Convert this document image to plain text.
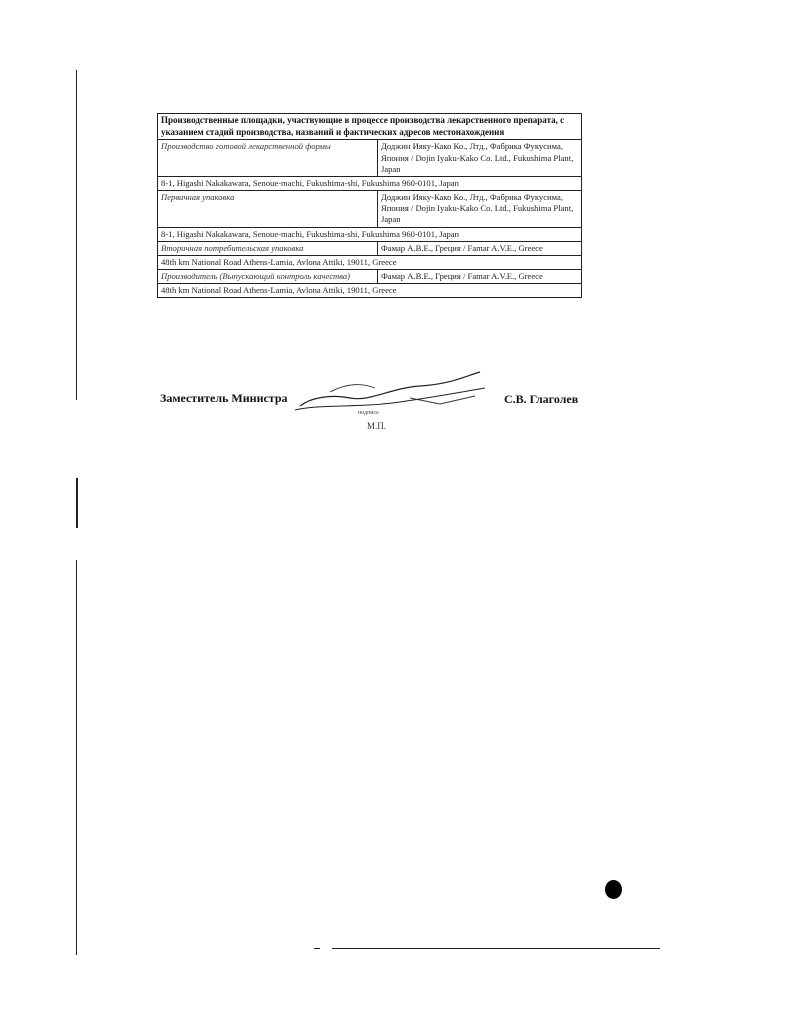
Производственные площадки, участвующие в процессе производства лекарственного препарата, с указанием стадий производства, названий и фактических адресов местонахождения	
Производство готовой лекарственной формы	Доджин Ияку-Како Ко., Лтд., Фабрика Фукусима, Япония / Dojin Iyaku-Kako Co. Ltd., Fukushima Plant, Japan
8-1, Higashi Nakakawara, Senoue-machi, Fukushima-shi, Fukushima 960-0101, Japan	
Первичная упаковка	Доджин Ияку-Како Ко., Лтд., Фабрика Фукусима, Япония / Dojin Iyaku-Kako Co. Ltd., Fukushima Plant, Japan
8-1, Higashi Nakakawara, Senoue-machi, Fukushima-shi, Fukushima 960-0101, Japan	
Вторичная потребительская упаковка	Фамар А.В.Е., Греция / Famar A.V.E., Greece
48th km National Road Athens-Lamia, Avlona Attiki, 19011, Greece	
Производитель (Выпускающий контроль качества)	Фамар А.В.Е., Греция / Famar A.V.E., Greece
48th km National Road Athens-Lamia, Avlona Attiki, 19011, Greece	
Заместитель Министра	С.В. Глаголев
подпись
М.П.
